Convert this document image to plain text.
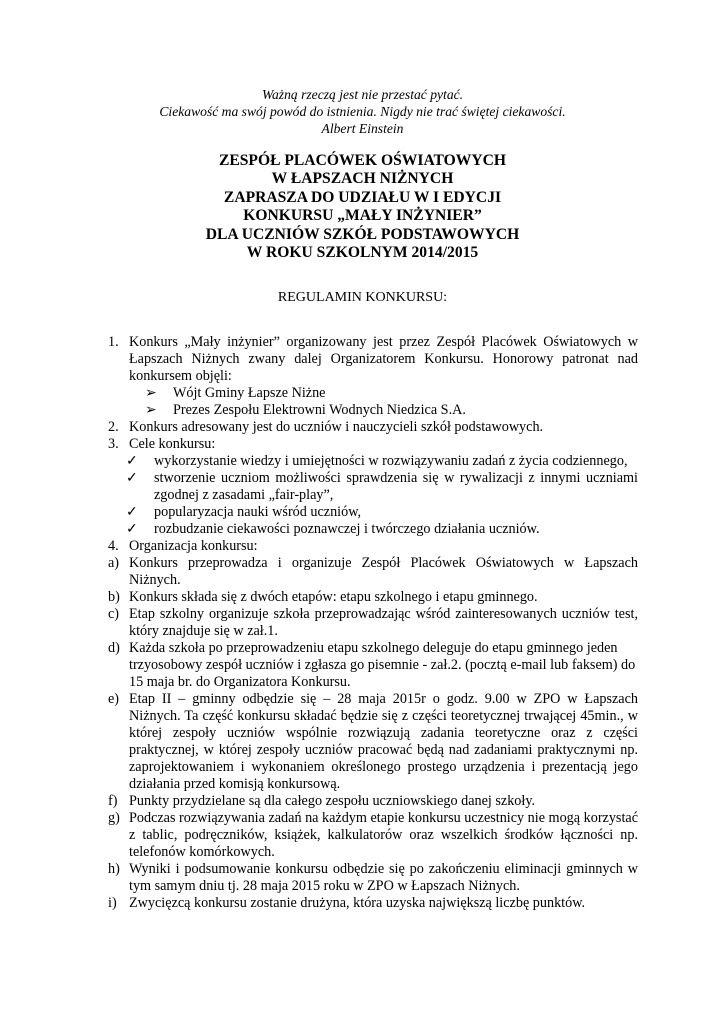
Ważną rzeczą jest nie przestać pytać.
Ciekawość ma swój powód do istnienia. Nigdy nie trać świętej ciekawości.
Albert Einstein
ZESPÓŁ PLACÓWEK OŚWIATOWYCH
W ŁAPSZACH NIŻNYCH
ZAPRASZA DO UDZIAŁU W I EDYCJI
KONKURSU „MAŁY INŻYNIER”
DLA UCZNIÓW SZKÓŁ PODSTAWOWYCH
W ROKU SZKOLNYM 2014/2015
REGULAMIN KONKURSU:
1. Konkurs „Mały inżynier” organizowany jest przez Zespół Placówek Oświatowych w Łapszach Niżnych zwany dalej Organizatorem Konkursu. Honorowy patronat nad konkursem objęli:
➢ Wójt Gminy Łapsze Niżne
➢ Prezes Zespołu Elektrowni Wodnych Niedzica S.A.
2. Konkurs adresowany jest do uczniów i nauczycieli szkół podstawowych.
3. Cele konkursu:
✓ wykorzystanie wiedzy i umiejętności w rozwiązywaniu zadań z życia codziennego,
✓ stworzenie uczniom możliwości sprawdzenia się w rywalizacji z innymi uczniami zgodnej z zasadami „fair-play”,
✓ popularyzacja nauki wśród uczniów,
✓ rozbudzanie ciekawości poznawczej i twórczego działania uczniów.
4. Organizacja konkursu:
a) Konkurs przeprowadza i organizuje Zespół Placówek Oświatowych w Łapszach Niżnych.
b) Konkurs składa się z dwóch etapów: etapu szkolnego i etapu gminnego.
c) Etap szkolny organizuje szkoła przeprowadzając wśród zainteresowanych uczniów test, który znajduje się w zał.1.
d) Każda szkoła po przeprowadzeniu etapu szkolnego deleguje do etapu gminnego jeden trzyosobowy zespół uczniów i zgłasza go pisemnie - zał.2. (pocztą e-mail lub faksem) do 15 maja br. do Organizatora Konkursu.
e) Etap II – gminny odbędzie się – 28 maja 2015r o godz. 9.00 w ZPO w Łapszach Niżnych. Ta część konkursu składać będzie się z części teoretycznej trwającej 45min., w której zespoły uczniów wspólnie rozwiązują zadania teoretyczne oraz z części praktycznej, w której zespoły uczniów pracować będą nad zadaniami praktycznymi np. zaprojektowaniem i wykonaniem określonego prostego urządzenia i prezentacją jego działania przed komisją konkursową.
f) Punkty przydzielane są dla całego zespołu uczniowskiego danej szkoły.
g) Podczas rozwiązywania zadań na każdym etapie konkursu uczestnicy nie mogą korzystać z tablic, podręczników, książek, kalkulatorów oraz wszelkich środków łączności np. telefonów komórkowych.
h) Wyniki i podsumowanie konkursu odbędzie się po zakończeniu eliminacji gminnych w tym samym dniu tj. 28 maja 2015 roku w ZPO w Łapszach Niżnych.
i) Zwycięzcą konkursu zostanie drużyna, która uzyska największą liczbę punktów.
